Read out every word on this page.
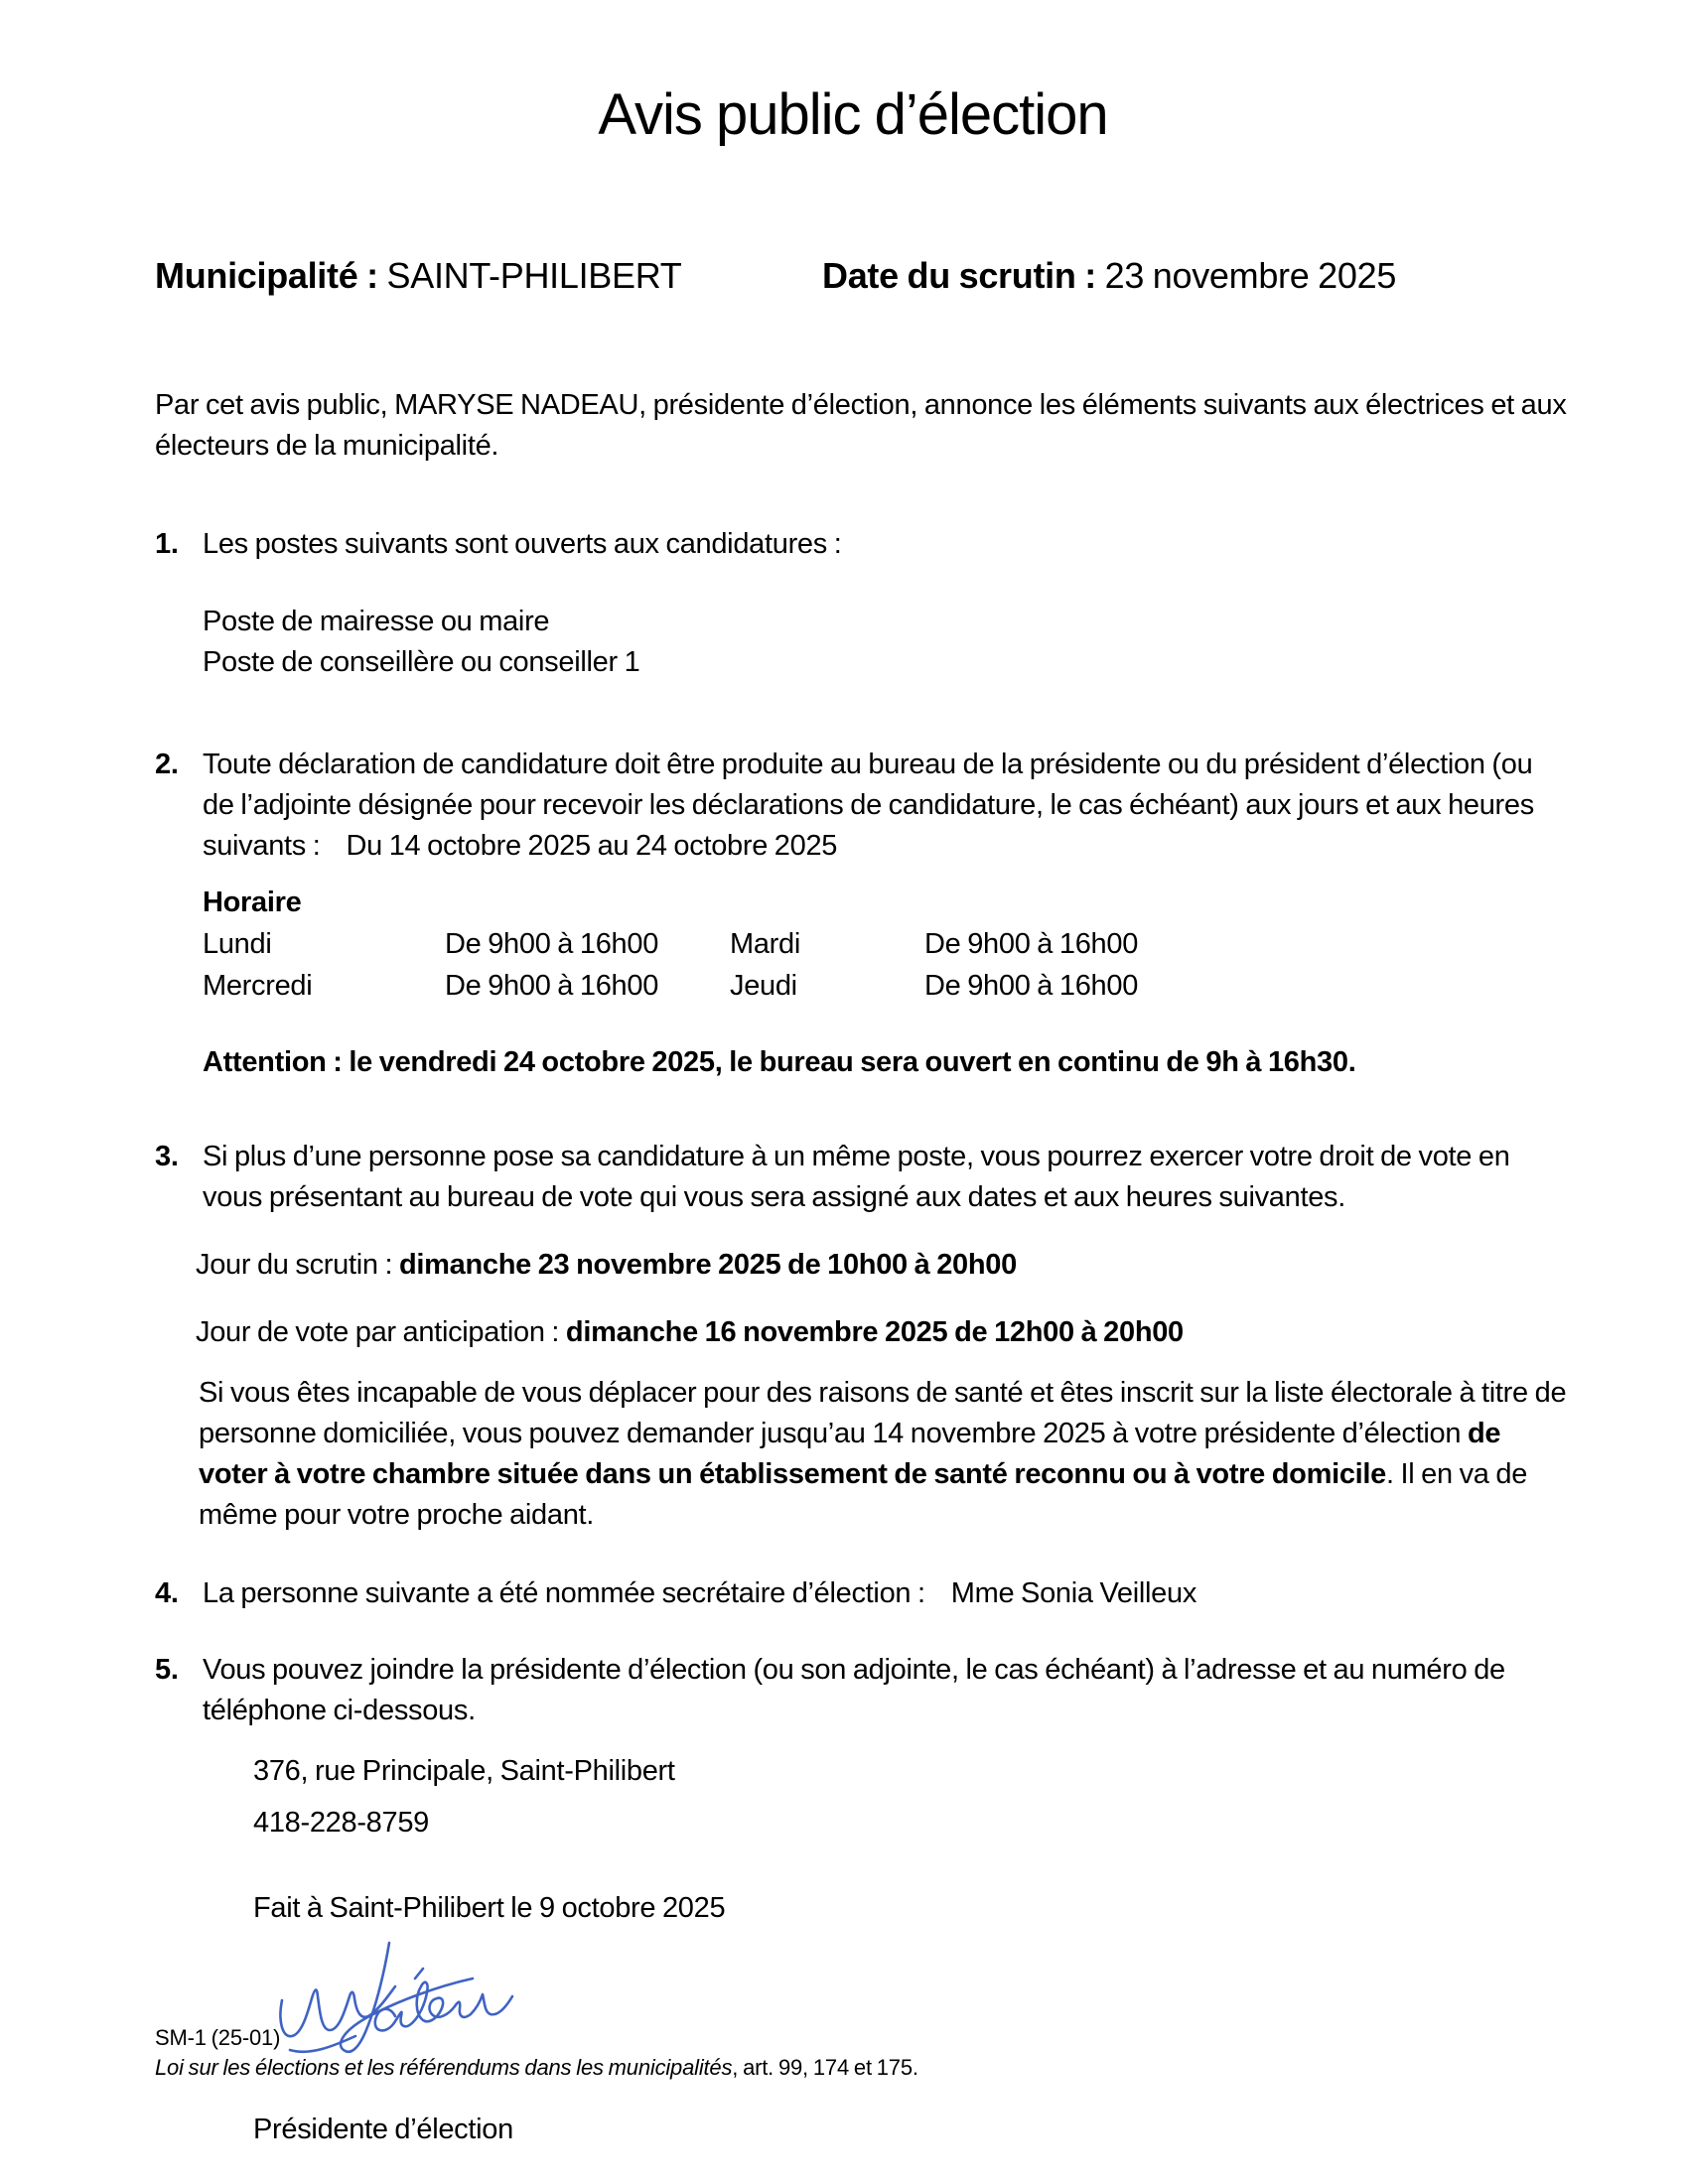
Avis public d’élection
Municipalité : SAINT-PHILIBERT	Date du scrutin : 23 novembre 2025

Par cet avis public, MARYSE NADEAU, présidente d’élection, annonce les éléments suivants aux électrices et aux électeurs de la municipalité.

1. Les postes suivants sont ouverts aux candidatures :
Poste de mairesse ou maire
Poste de conseillère ou conseiller 1
2. Toute déclaration de candidature doit être produite au bureau de la présidente ou du président d’élection (ou de l’adjointe désignée pour recevoir les déclarations de candidature, le cas échéant) aux jours et aux heures suivants : Du 14 octobre 2025 au 24 octobre 2025
Horaire
Lundi	De 9h00 à 16h00	Mardi	De 9h00 à 16h00
Mercredi	De 9h00 à 16h00	Jeudi	De 9h00 à 16h00
Attention : le vendredi 24 octobre 2025, le bureau sera ouvert en continu de 9h à 16h30.
3. Si plus d’une personne pose sa candidature à un même poste, vous pourrez exercer votre droit de vote en vous présentant au bureau de vote qui vous sera assigné aux dates et aux heures suivantes.
Jour du scrutin : dimanche 23 novembre 2025 de 10h00 à 20h00
Jour de vote par anticipation : dimanche 16 novembre 2025 de 12h00 à 20h00
Si vous êtes incapable de vous déplacer pour des raisons de santé et êtes inscrit sur la liste électorale à titre de personne domiciliée, vous pouvez demander jusqu’au 14 novembre 2025 à votre présidente d’élection de voter à votre chambre située dans un établissement de santé reconnu ou à votre domicile. Il en va de même pour votre proche aidant.
4. La personne suivante a été nommée secrétaire d’élection : Mme Sonia Veilleux
5. Vous pouvez joindre la présidente d’élection (ou son adjointe, le cas échéant) à l’adresse et au numéro de téléphone ci-dessous.
376, rue Principale, Saint-Philibert
418-228-8759
Fait à Saint-Philibert le 9 octobre 2025
Présidente d’élection
SM-1 (25-01)
Loi sur les élections et les référendums dans les municipalités, art. 99, 174 et 175.
